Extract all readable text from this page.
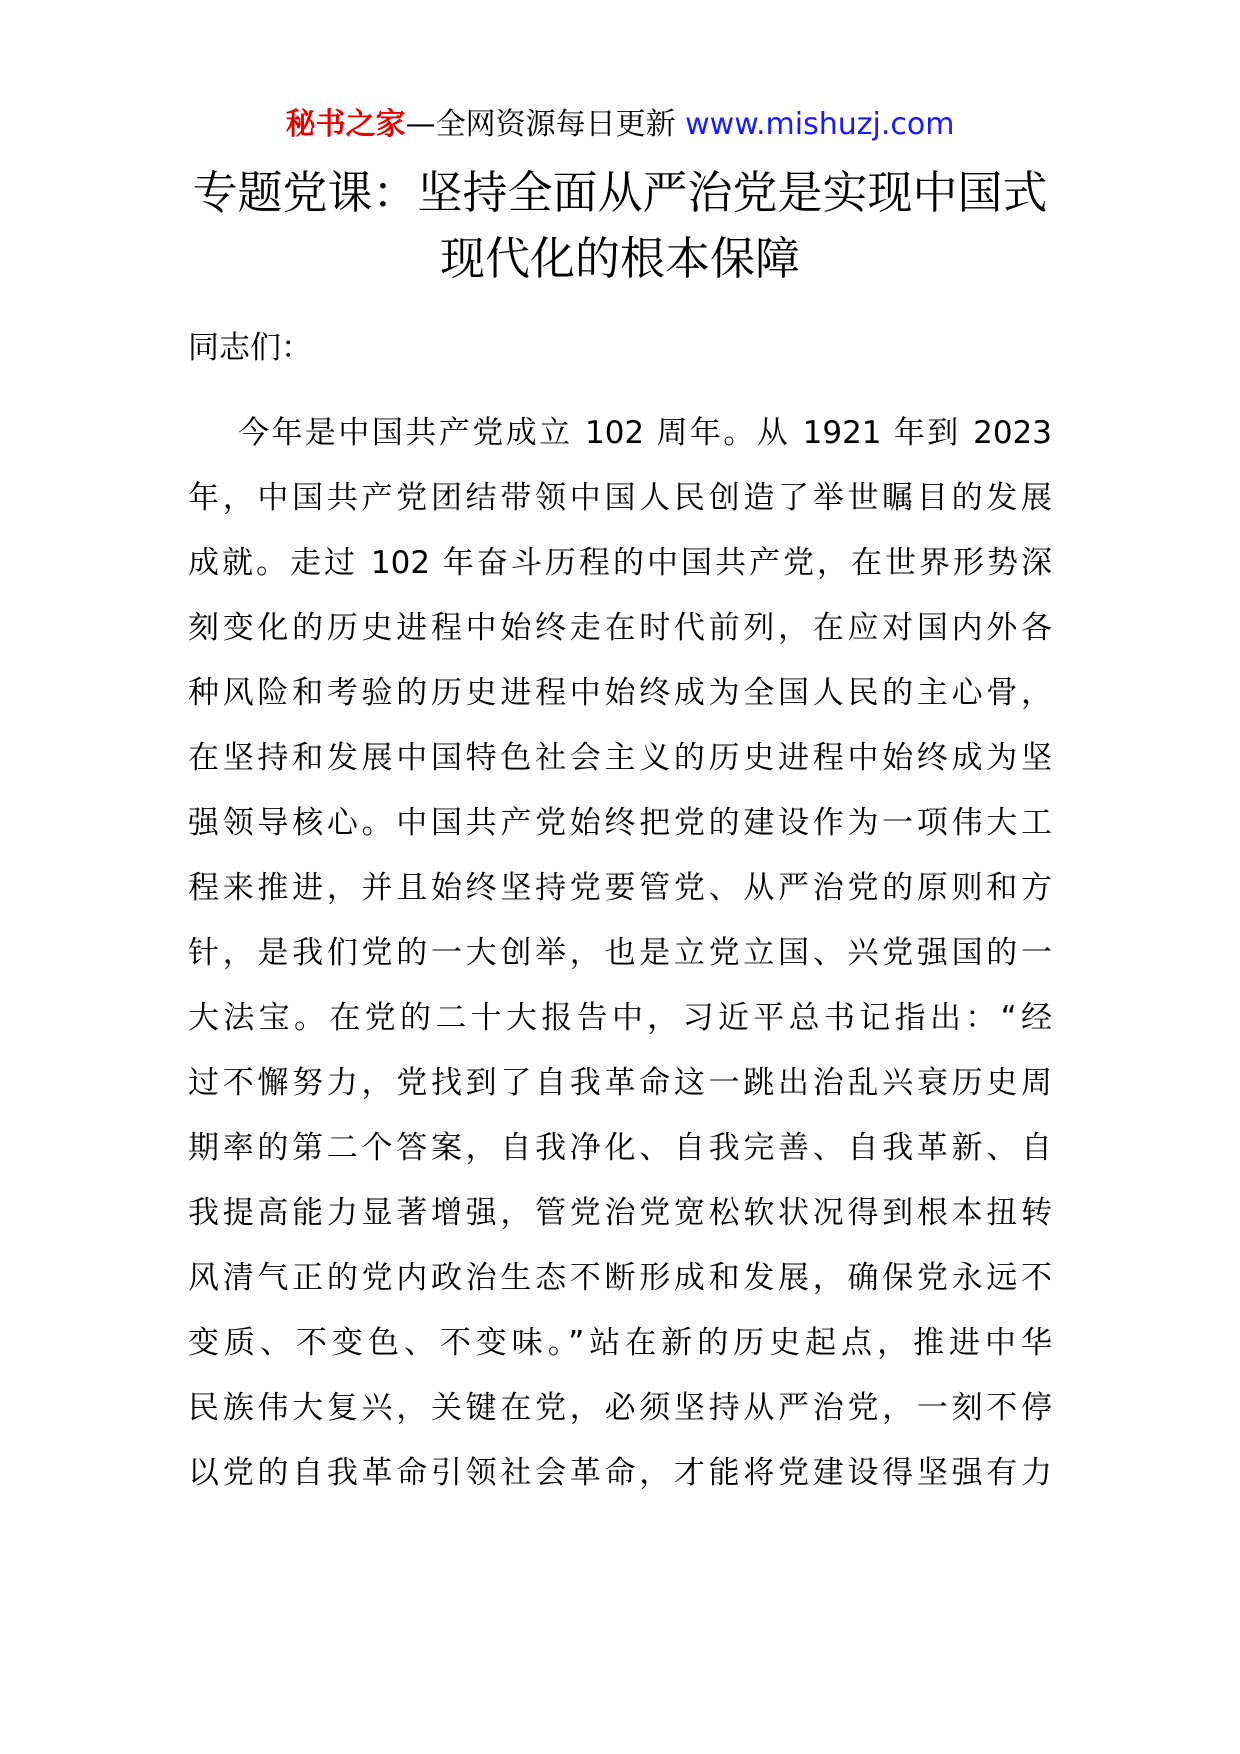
秘书之家—全网资源每日更新 www.mishuzj.com
专题党课：坚持全面从严治党是实现中国式现代化的根本保障

同志们：

今年是中国共产党成立 102 周年。从 1921 年到 2023
年，中国共产党团结带领中国人民创造了举世瞩目的发展
成就。走过 102 年奋斗历程的中国共产党，在世界形势深
刻变化的历史进程中始终走在时代前列，在应对国内外各
种风险和考验的历史进程中始终成为全国人民的主心骨，
在坚持和发展中国特色社会主义的历史进程中始终成为坚
强领导核心。中国共产党始终把党的建设作为一项伟大工
程来推进，并且始终坚持党要管党、从严治党的原则和方
针，是我们党的一大创举，也是立党立国、兴党强国的一
大法宝。在党的二十大报告中，习近平总书记指出：“经
过不懈努力，党找到了自我革命这一跳出治乱兴衰历史周
期率的第二个答案，自我净化、自我完善、自我革新、自
我提高能力显著增强，管党治党宽松软状况得到根本扭转
风清气正的党内政治生态不断形成和发展，确保党永远不
变质、不变色、不变味。”站在新的历史起点，推进中华
民族伟大复兴，关键在党，必须坚持从严治党，一刻不停
以党的自我革命引领社会革命，才能将党建设得坚强有力
